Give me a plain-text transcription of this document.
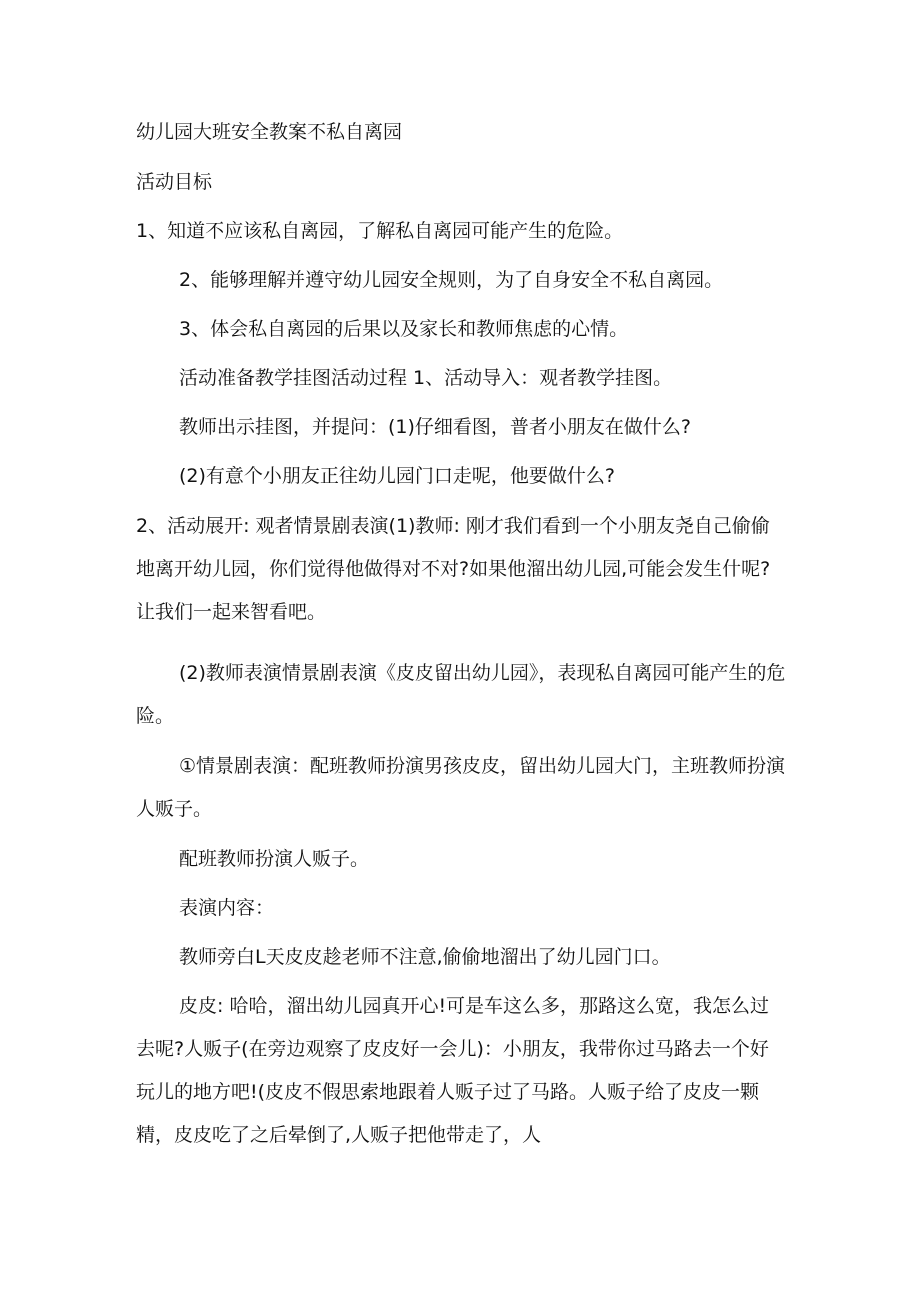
幼儿园大班安全教案不私自离园

活动目标

1、知道不应该私自离园，了解私自离园可能产生的危险。

2、能够理解并遵守幼儿园安全规则，为了自身安全不私自离园。

3、体会私自离园的后果以及家长和教师焦虑的心情。

活动准备教学挂图活动过程 1、活动导入：观者教学挂图。

教师出示挂图，并提问：(1)仔细看图，普者小朋友在做什么?

(2)有意个小朋友正往幼儿园门口走呢，他要做什么?

2、活动展开: 观者情景剧表演(1)教师: 刚才我们看到一个小朋友尧自己偷偷地离开幼儿园，你们觉得他做得对不对?如果他溜出幼儿园,可能会发生什呢?让我们一起来智看吧。

(2)教师表演情景剧表演《皮皮留出幼儿园》，表现私自离园可能产生的危险。

①情景剧表演：配班教师扮演男孩皮皮，留出幼儿园大门，主班教师扮演人贩子。

配班教师扮演人贩子。

表演内容：

教师旁白L天皮皮趁老师不注意,偷偷地溜出了幼儿园门口。

皮皮: 哈哈，溜出幼儿园真开心!可是车这么多，那路这么宽，我怎么过去呢?人贩子(在旁边观察了皮皮好一会儿)：小朋友，我带你过马路去一个好玩儿的地方吧!(皮皮不假思索地跟着人贩子过了马路。人贩子给了皮皮一颗精，皮皮吃了之后晕倒了,人贩子把他带走了，人
